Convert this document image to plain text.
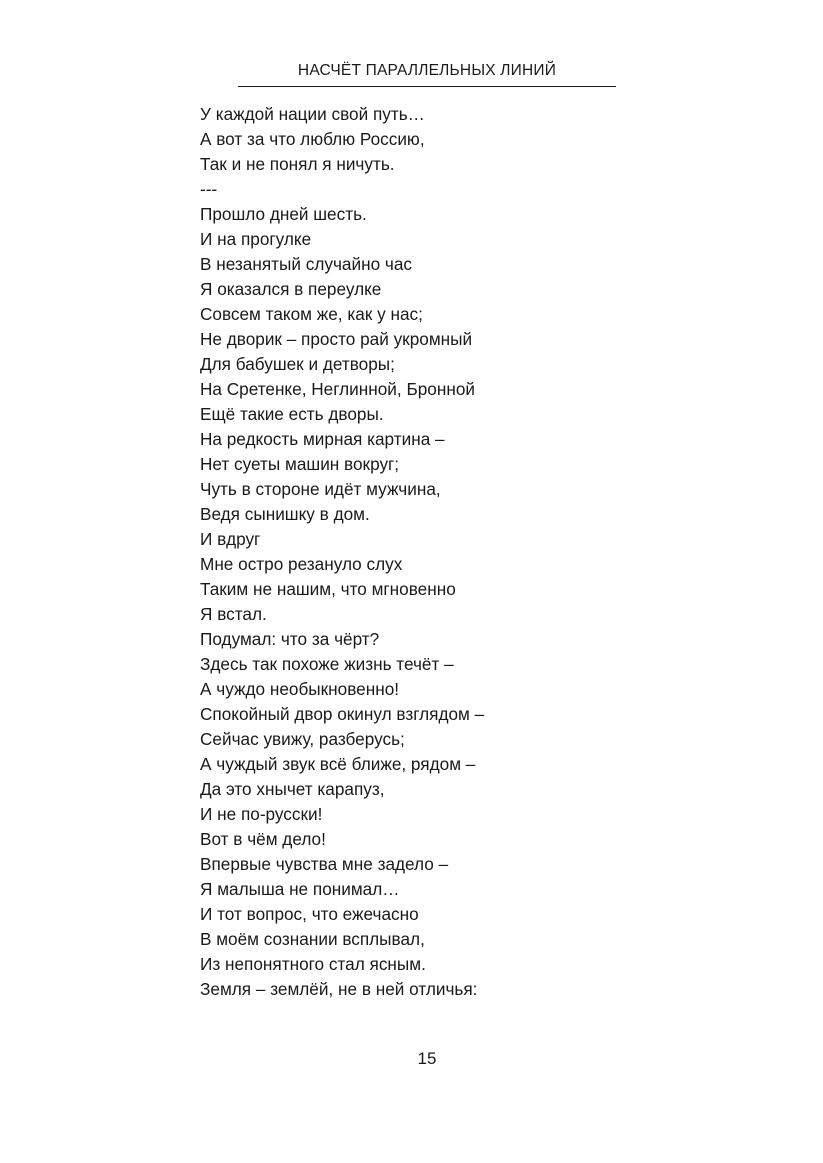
НАСЧЁТ ПАРАЛЛЕЛЬНЫХ ЛИНИЙ
У каждой нации свой путь…
А вот за что люблю Россию,
Так и не понял я ничуть.
---
Прошло дней шесть.
И на прогулке
В незанятый случайно час
Я оказался в переулке
Совсем таком же, как у нас;
Не дворик – просто рай укромный
Для бабушек и детворы;
На Сретенке, Неглинной, Бронной
Ещё такие есть дворы.
На редкость мирная картина –
Нет суеты машин вокруг;
Чуть в стороне идёт мужчина,
Ведя сынишку в дом.
И вдруг
Мне остро резануло слух
Таким не нашим, что мгновенно
Я встал.
Подумал: что за чёрт?
Здесь так похоже жизнь течёт –
А чуждо необыкновенно!
Спокойный двор окинул взглядом –
Сейчас увижу, разберусь;
А чуждый звук всё ближе, рядом –
Да это хнычет карапуз,
И не по-русски!
Вот в чём дело!
Впервые чувства мне задело –
Я малыша не понимал…
И тот вопрос, что ежечасно
В моём сознании всплывал,
Из непонятного стал ясным.
Земля – землёй, не в ней отличья:
15
